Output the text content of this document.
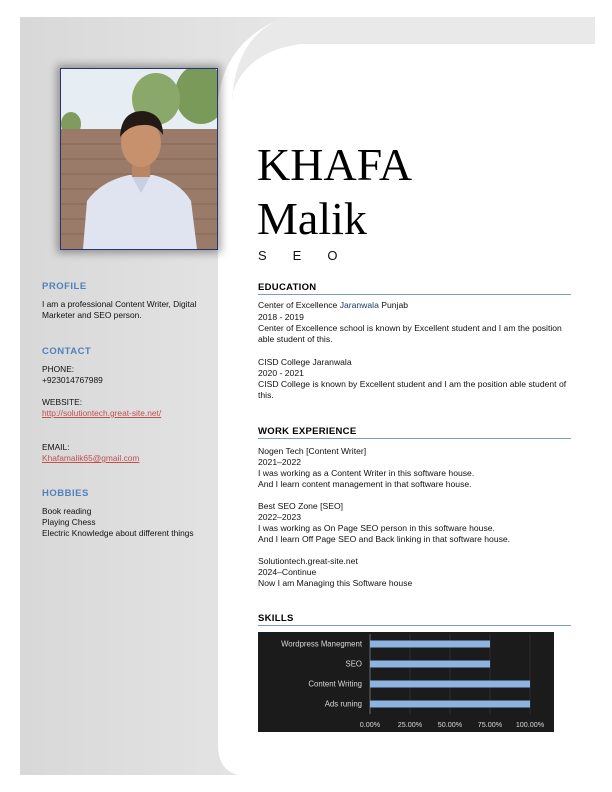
PROFILE
I am a professional Content Writer, Digital Marketer and SEO person.
CONTACT
PHONE:
+923014767989
WEBSITE:
http://solutiontech.great-site.net/
EMAIL:
Khafamalik65@gmail.com
HOBBIES
Book reading
Playing Chess
Electric Knowledge about different things
KHAFA
Malik
SEO
EDUCATION
Center of Excellence Jaranwala Punjab
2018 - 2019
Center of Excellence school is known by Excellent student and I am the position able student of this.
CISD College Jaranwala
2020 - 2021
CISD College is known by Excellent student and I am the position able student of this.
WORK EXPERIENCE
Nogen Tech [Content Writer]
2021–2022
I was working as a Content Writer in this software house.
And I learn content management in that software house.
Best SEO Zone [SEO]
2022–2023
I was working as On Page SEO person in this software house.
And I learn Off Page SEO and Back linking in that software house.
Solutiontech.great-site.net
2024–Continue
Now I am Managing this Software house
SKILLS
0.00% 25.00% 50.00% 75.00% 100.00%
Wordpress Manegment
SEO
Content Writing
Ads runing
